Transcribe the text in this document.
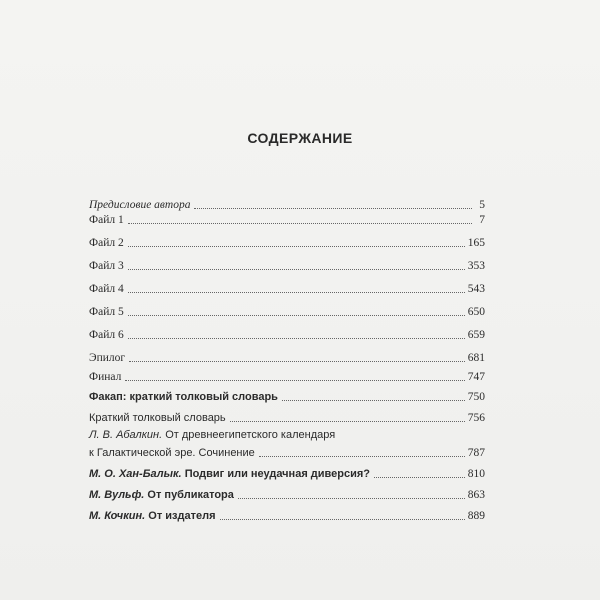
СОДЕРЖАНИЕ
Предисловие автора	5
Файл 1	7
Файл 2	165
Файл 3	353
Файл 4	543
Файл 5	650
Файл 6	659
Эпилог	681
Финал	747
Факап: краткий толковый словарь	750
Краткий толковый словарь	756
Л. В. Абалкин. От древнеегипетского календаря
к Галактической эре. Сочинение	787
М. О. Хан-Балык. Подвиг или неудачная диверсия?	810
М. Вульф. От публикатора	863
М. Кочкин. От издателя	889
